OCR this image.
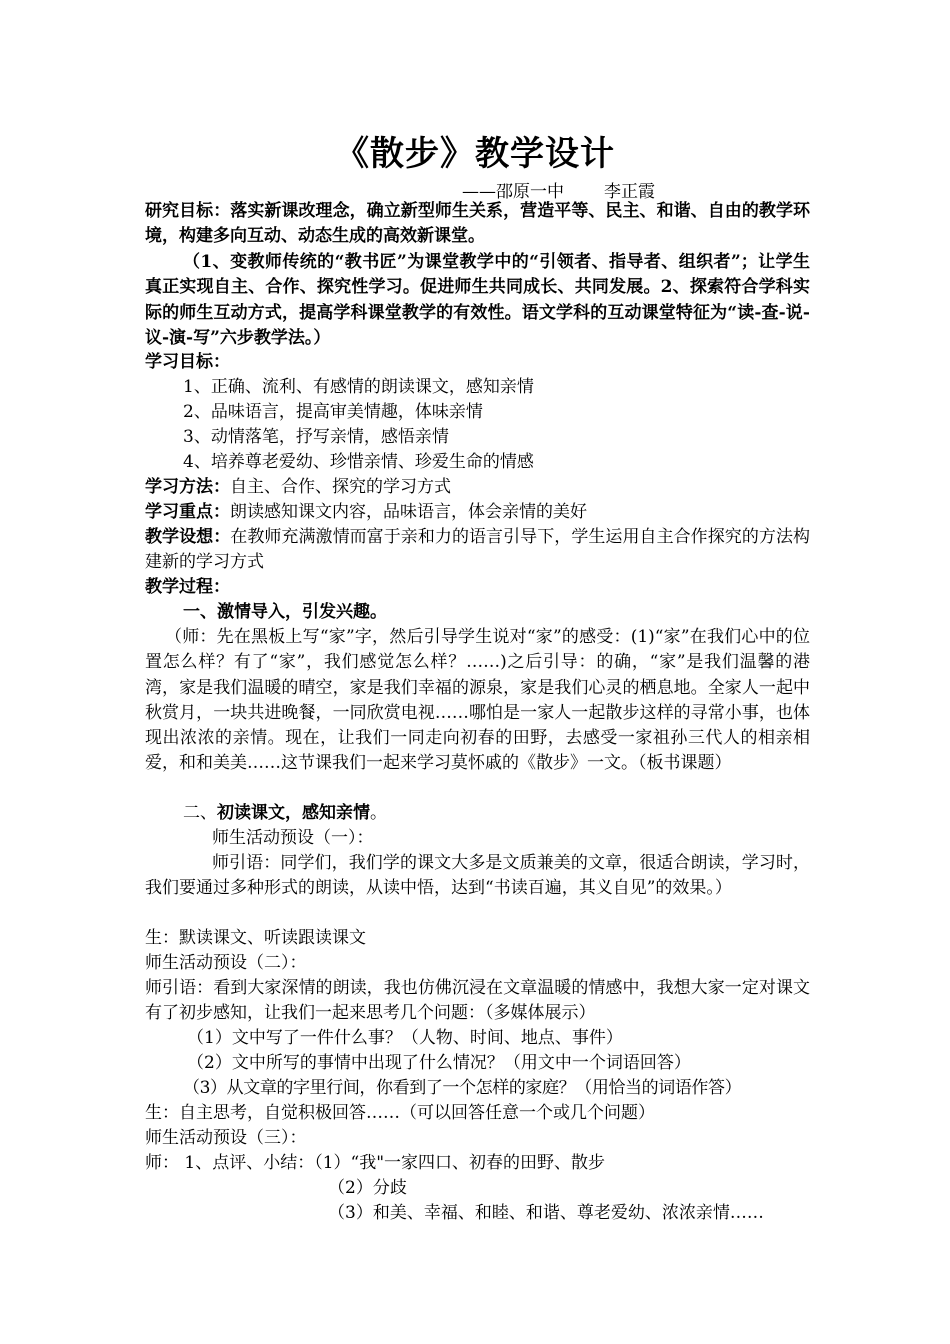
《散步》教学设计
——邵原一中 李正霞
研究目标：落实新课改理念，确立新型师生关系，营造平等、民主、和谐、自由的教学环境，构建多向互动、动态生成的高效新课堂。
（1、变教师传统的“教书匠”为课堂教学中的“引领者、指导者、组织者”；让学生真正实现自主、合作、探究性学习。促进师生共同成长、共同发展。2、探索符合学科实际的师生互动方式，提高学科课堂教学的有效性。语文学科的互动课堂特征为“读-查-说-议-演-写”六步教学法。）
学习目标：
1、正确、流利、有感情的朗读课文，感知亲情
2、品味语言，提高审美情趣，体味亲情
3、动情落笔，抒写亲情，感悟亲情
4、培养尊老爱幼、珍惜亲情、珍爱生命的情感
学习方法：自主、合作、探究的学习方式
学习重点：朗读感知课文内容，品味语言，体会亲情的美好
教学设想：在教师充满激情而富于亲和力的语言引导下，学生运用自主合作探究的方法构建新的学习方式
教学过程：
一、激情导入，引发兴趣。
（师：先在黑板上写“家”字，然后引导学生说对“家”的感受：(1)“家”在我们心中的位置怎么样？有了“家”，我们感觉怎么样？……)之后引导：的确，“家”是我们温馨的港湾，家是我们温暖的晴空，家是我们幸福的源泉，家是我们心灵的栖息地。全家人一起中秋赏月，一块共进晚餐，一同欣赏电视……哪怕是一家人一起散步这样的寻常小事，也体现出浓浓的亲情。现在，让我们一同走向初春的田野，去感受一家祖孙三代人的相亲相爱，和和美美……这节课我们一起来学习莫怀戚的《散步》一文。（板书课题）
二、初读课文，感知亲情。
师生活动预设（一）：
师引语：同学们，我们学的课文大多是文质兼美的文章，很适合朗读，学习时，我们要通过多种形式的朗读，从读中悟，达到“书读百遍，其义自见”的效果。）
生：默读课文、听读跟读课文
师生活动预设（二）：
师引语：看到大家深情的朗读，我也仿佛沉浸在文章温暖的情感中，我想大家一定对课文有了初步感知，让我们一起来思考几个问题：（多媒体展示）
（1）文中写了一件什么事？（人物、时间、地点、事件）
（2）文中所写的事情中出现了什么情况？（用文中一个词语回答）
（3）从文章的字里行间，你看到了一个怎样的家庭？（用恰当的词语作答）
生：自主思考，自觉积极回答……（可以回答任意一个或几个问题）
师生活动预设（三）：
师： 1、点评、小结：（1）“我"一家四口、初春的田野、散步
（2）分歧
（3）和美、幸福、和睦、和谐、尊老爱幼、浓浓亲情……
